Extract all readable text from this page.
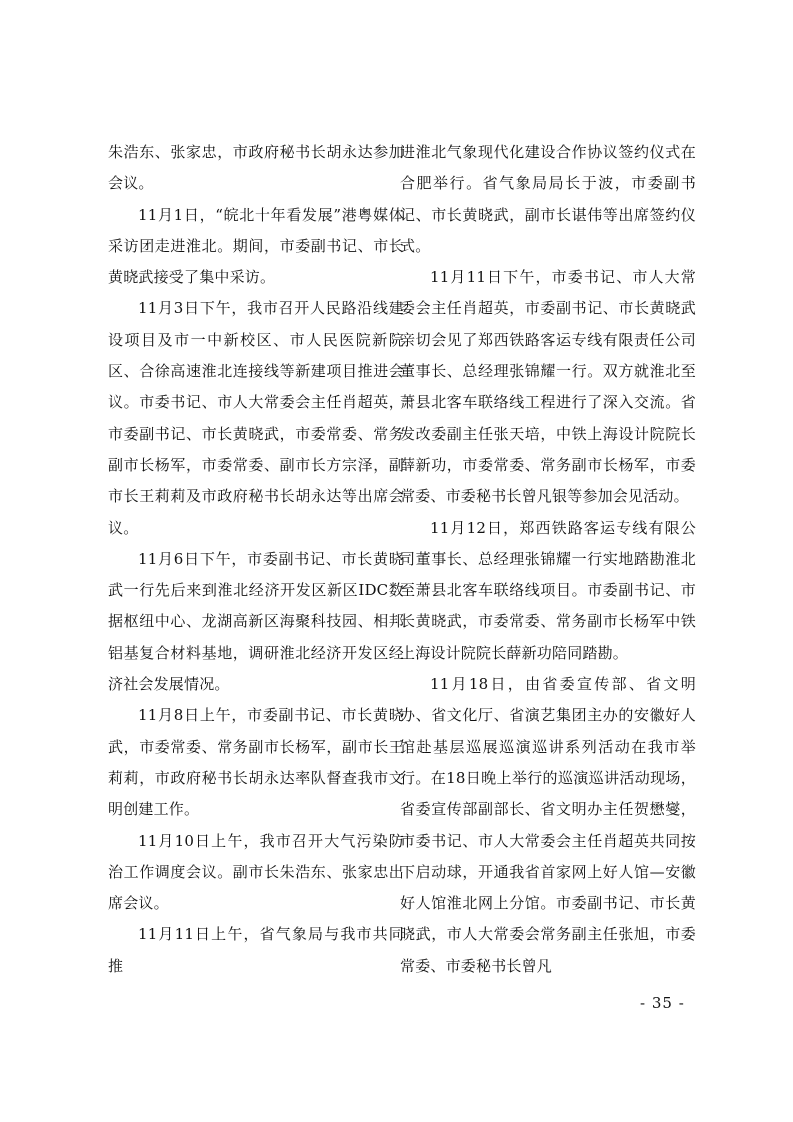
朱浩东、张家忠，市政府秘书长胡永达参加会议。

11月1日，“皖北十年看发展”港粤媒体采访团走进淮北。期间，市委副书记、市长黄晓武接受了集中采访。

11月3日下午，我市召开人民路沿线建设项目及市一中新校区、市人民医院新院区、合徐高速淮北连接线等新建项目推进会议。市委书记、市人大常委会主任肖超英，市委副书记、市长黄晓武，市委常委、常务副市长杨军，市委常委、副市长方宗泽，副市长王莉莉及市政府秘书长胡永达等出席会议。

11月6日下午，市委副书记、市长黄晓武一行先后来到淮北经济开发区新区IDC数据枢纽中心、龙湖高新区海聚科技园、相邦铝基复合材料基地，调研淮北经济开发区经济社会发展情况。

11月8日上午，市委副书记、市长黄晓武，市委常委、常务副市长杨军，副市长王莉莉，市政府秘书长胡永达率队督查我市文明创建工作。

11月10日上午，我市召开大气污染防治工作调度会议。副市长朱浩东、张家忠出席会议。

11月11日上午，省气象局与我市共同推

进淮北气象现代化建设合作协议签约仪式在合肥举行。省气象局局长于波，市委副书记、市长黄晓武，副市长谌伟等出席签约仪式。

11月11日下午，市委书记、市人大常委会主任肖超英，市委副书记、市长黄晓武亲切会见了郑西铁路客运专线有限责任公司董事长、总经理张锦耀一行。双方就淮北至萧县北客车联络线工程进行了深入交流。省发改委副主任张天培，中铁上海设计院院长薛新功，市委常委、常务副市长杨军，市委常委、市委秘书长曾凡银等参加会见活动。

11月12日，郑西铁路客运专线有限公司董事长、总经理张锦耀一行实地踏勘淮北至萧县北客车联络线项目。市委副书记、市长黄晓武，市委常委、常务副市长杨军中铁上海设计院院长薛新功陪同踏勘。

11月18日，由省委宣传部、省文明办、省文化厅、省演艺集团主办的安徽好人馆赴基层巡展巡演巡讲系列活动在我市举行。在18日晚上举行的巡演巡讲活动现场，省委宣传部副部长、省文明办主任贺懋燮，市委书记、市人大常委会主任肖超英共同按下启动球，开通我省首家网上好人馆—安徽好人馆淮北网上分馆。市委副书记、市长黄晓武，市人大常委会常务副主任张旭，市委常委、市委秘书长曾凡

- 35 -
